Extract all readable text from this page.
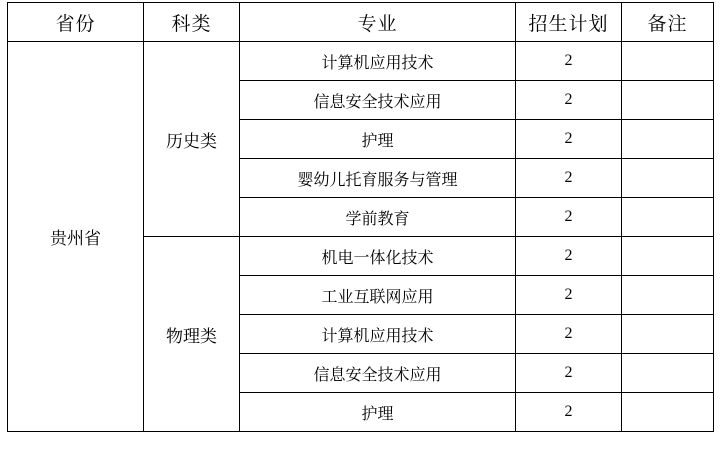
省份	科类	专业	招生计划	备注
贵州省	历史类	计算机应用技术	2	
		信息安全技术应用	2	
		护理	2	
		婴幼儿托育服务与管理	2	
		学前教育	2	
	物理类	机电一体化技术	2	
		工业互联网应用	2	
		计算机应用技术	2	
		信息安全技术应用	2	
		护理	2	
